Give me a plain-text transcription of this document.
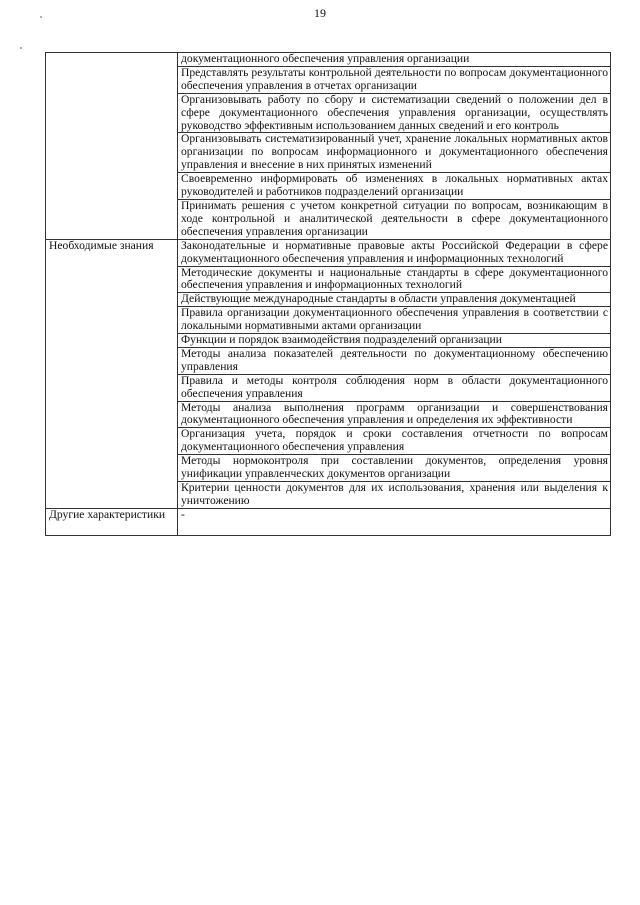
19
	документационного обеспечения управления организации
	Представлять результаты контрольной деятельности по вопросам документационного обеспечения управления в отчетах организации
	Организовывать работу по сбору и систематизации сведений о положении дел в сфере документационного обеспечения управления организации, осуществлять руководство эффективным использованием данных сведений и его контроль
	Организовывать систематизированный учет, хранение локальных нормативных актов организации по вопросам информационного и документационного обеспечения управления и внесение в них принятых изменений
	Своевременно информировать об изменениях в локальных нормативных актах руководителей и работников подразделений организации
	Принимать решения с учетом конкретной ситуации по вопросам, возникающим в ходе контрольной и аналитической деятельности в сфере документационного обеспечения управления организации
Необходимые знания	Законодательные и нормативные правовые акты Российской Федерации в сфере документационного обеспечения управления и информационных технологий
	Методические документы и национальные стандарты в сфере документационного обеспечения управления и информационных технологий
	Действующие международные стандарты в области управления документацией
	Правила организации документационного обеспечения управления в соответствии с локальными нормативными актами организации
	Функции и порядок взаимодействия подразделений организации
	Методы анализа показателей деятельности по документационному обеспечению управления
	Правила и методы контроля соблюдения норм в области документационного обеспечения управления
	Методы анализа выполнения программ организации и совершенствования документационного обеспечения управления и определения их эффективности
	Организация учета, порядок и сроки составления отчетности по вопросам документационного обеспечения управления
	Методы нормоконтроля при составлении документов, определения уровня унификации управленческих документов организации
	Критерии ценности документов для их использования, хранения или выделения к уничтожению
Другие характеристики	-
